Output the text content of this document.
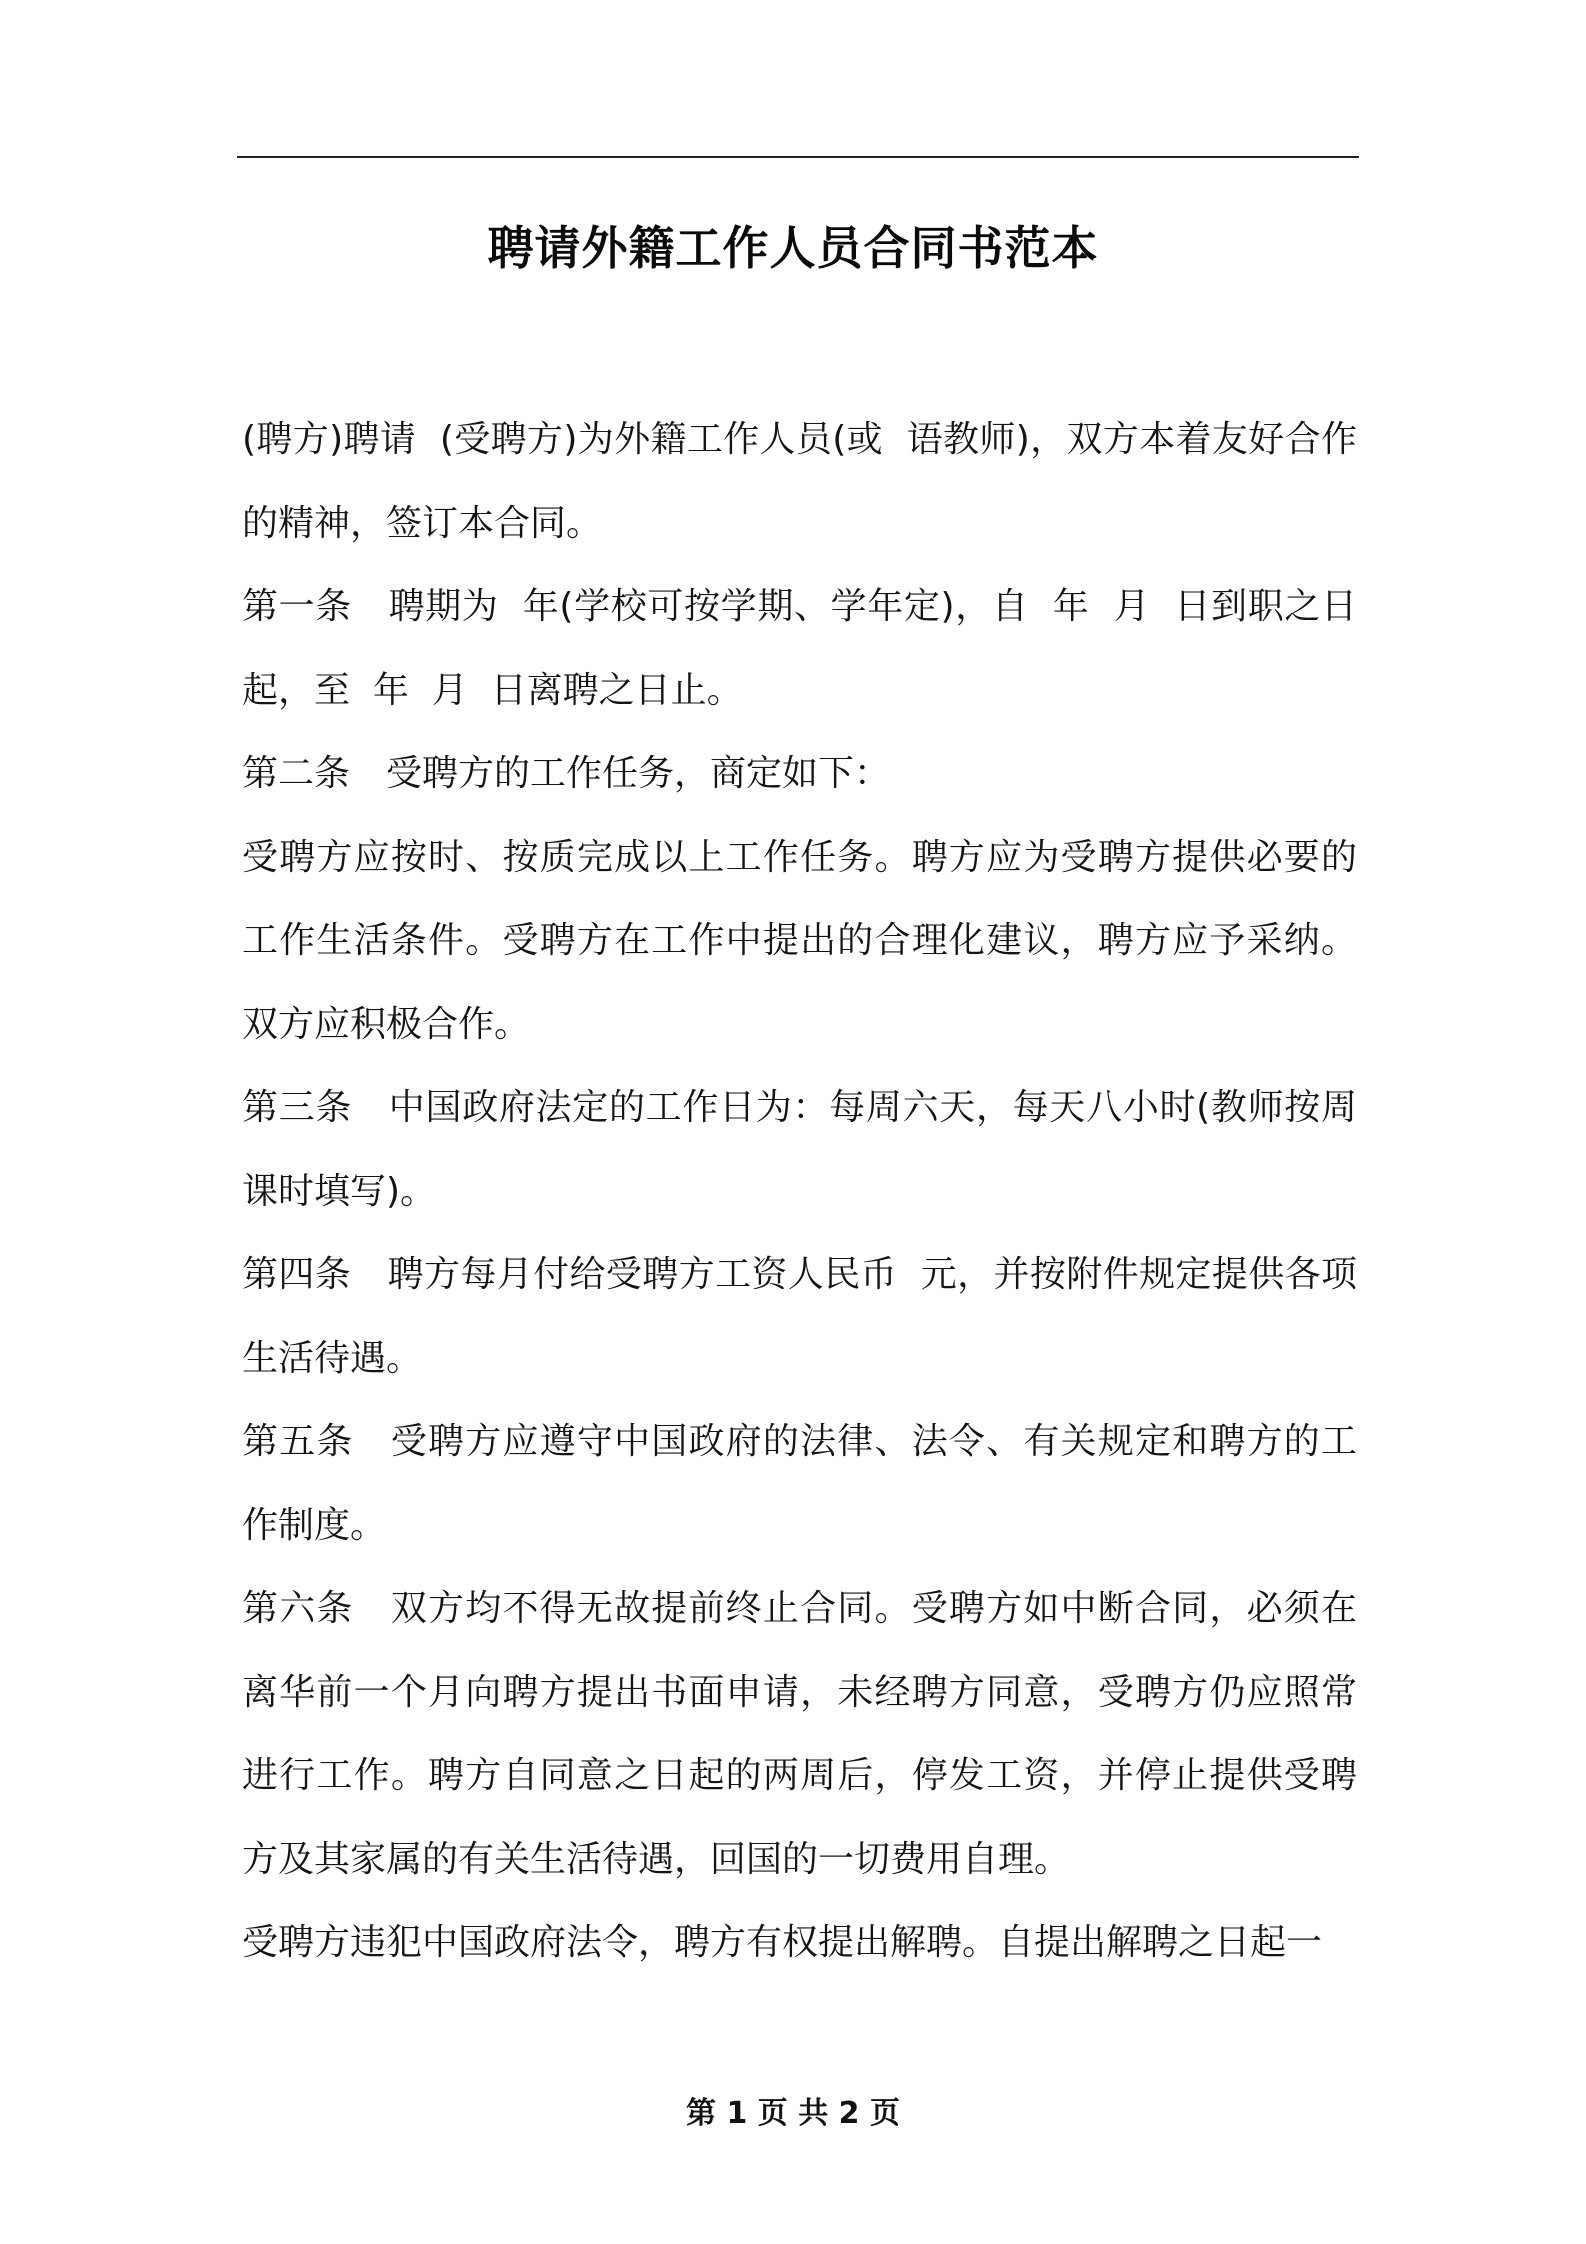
聘请外籍工作人员合同书范本

(聘方)聘请  (受聘方)为外籍工作人员(或  语教师)，双方本着友好合作的精神，签订本合同。

第一条　聘期为  年(学校可按学期、学年定)，自  年  月  日到职之日起，至  年  月  日离聘之日止。

第二条　受聘方的工作任务，商定如下：

受聘方应按时、按质完成以上工作任务。聘方应为受聘方提供必要的工作生活条件。受聘方在工作中提出的合理化建议，聘方应予采纳。双方应积极合作。

第三条　中国政府法定的工作日为：每周六天，每天八小时(教师按周课时填写)。

第四条　聘方每月付给受聘方工资人民币  元，并按附件规定提供各项生活待遇。

第五条　受聘方应遵守中国政府的法律、法令、有关规定和聘方的工作制度。

第六条　双方均不得无故提前终止合同。受聘方如中断合同，必须在离华前一个月向聘方提出书面申请，未经聘方同意，受聘方仍应照常进行工作。聘方自同意之日起的两周后，停发工资，并停止提供受聘方及其家属的有关生活待遇，回国的一切费用自理。

受聘方违犯中国政府法令，聘方有权提出解聘。自提出解聘之日起一

第 1 页 共 2 页
